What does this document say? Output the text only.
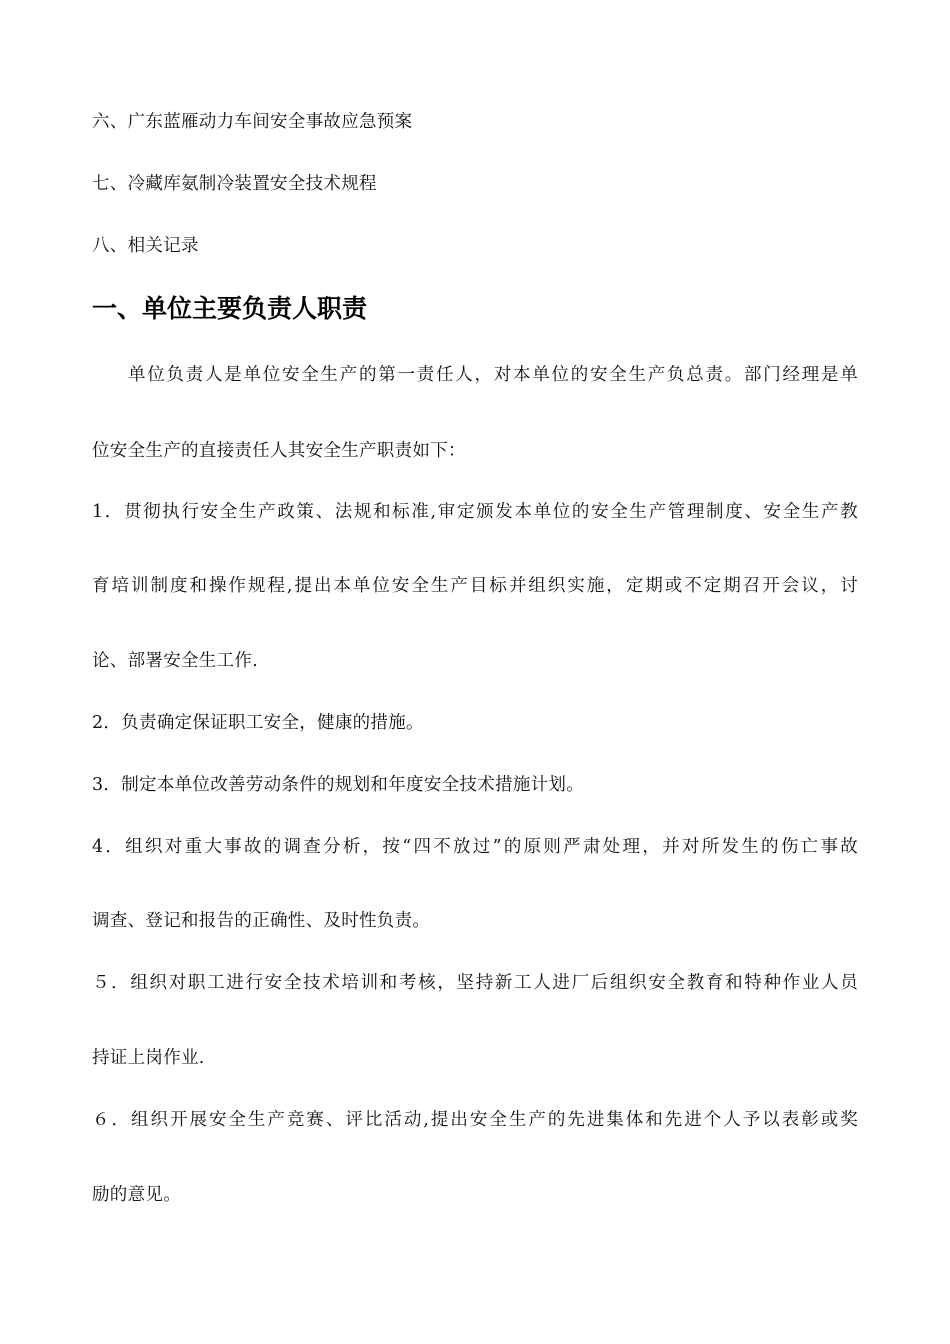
六、广东蓝雁动力车间安全事故应急预案
七、冷藏库氨制冷装置安全技术规程
八、相关记录
一、单位主要负责人职责
单位负责人是单位安全生产的第一责任人，对本单位的安全生产负总责。部门经理是单
位安全生产的直接责任人其安全生产职责如下：
1．贯彻执行安全生产政策、法规和标准,审定颁发本单位的安全生产管理制度、安全生产教
育培训制度和操作规程,提出本单位安全生产目标并组织实施，定期或不定期召开会议，讨
论、部署安全生工作.
2．负责确定保证职工安全，健康的措施。
3．制定本单位改善劳动条件的规划和年度安全技术措施计划。
4．组织对重大事故的调查分析，按“四不放过”的原则严肃处理，并对所发生的伤亡事故
调查、登记和报告的正确性、及时性负责。
５．组织对职工进行安全技术培训和考核，坚持新工人进厂后组织安全教育和特种作业人员
持证上岗作业.
６．组织开展安全生产竞赛、评比活动,提出安全生产的先进集体和先进个人予以表彰或奖
励的意见。
